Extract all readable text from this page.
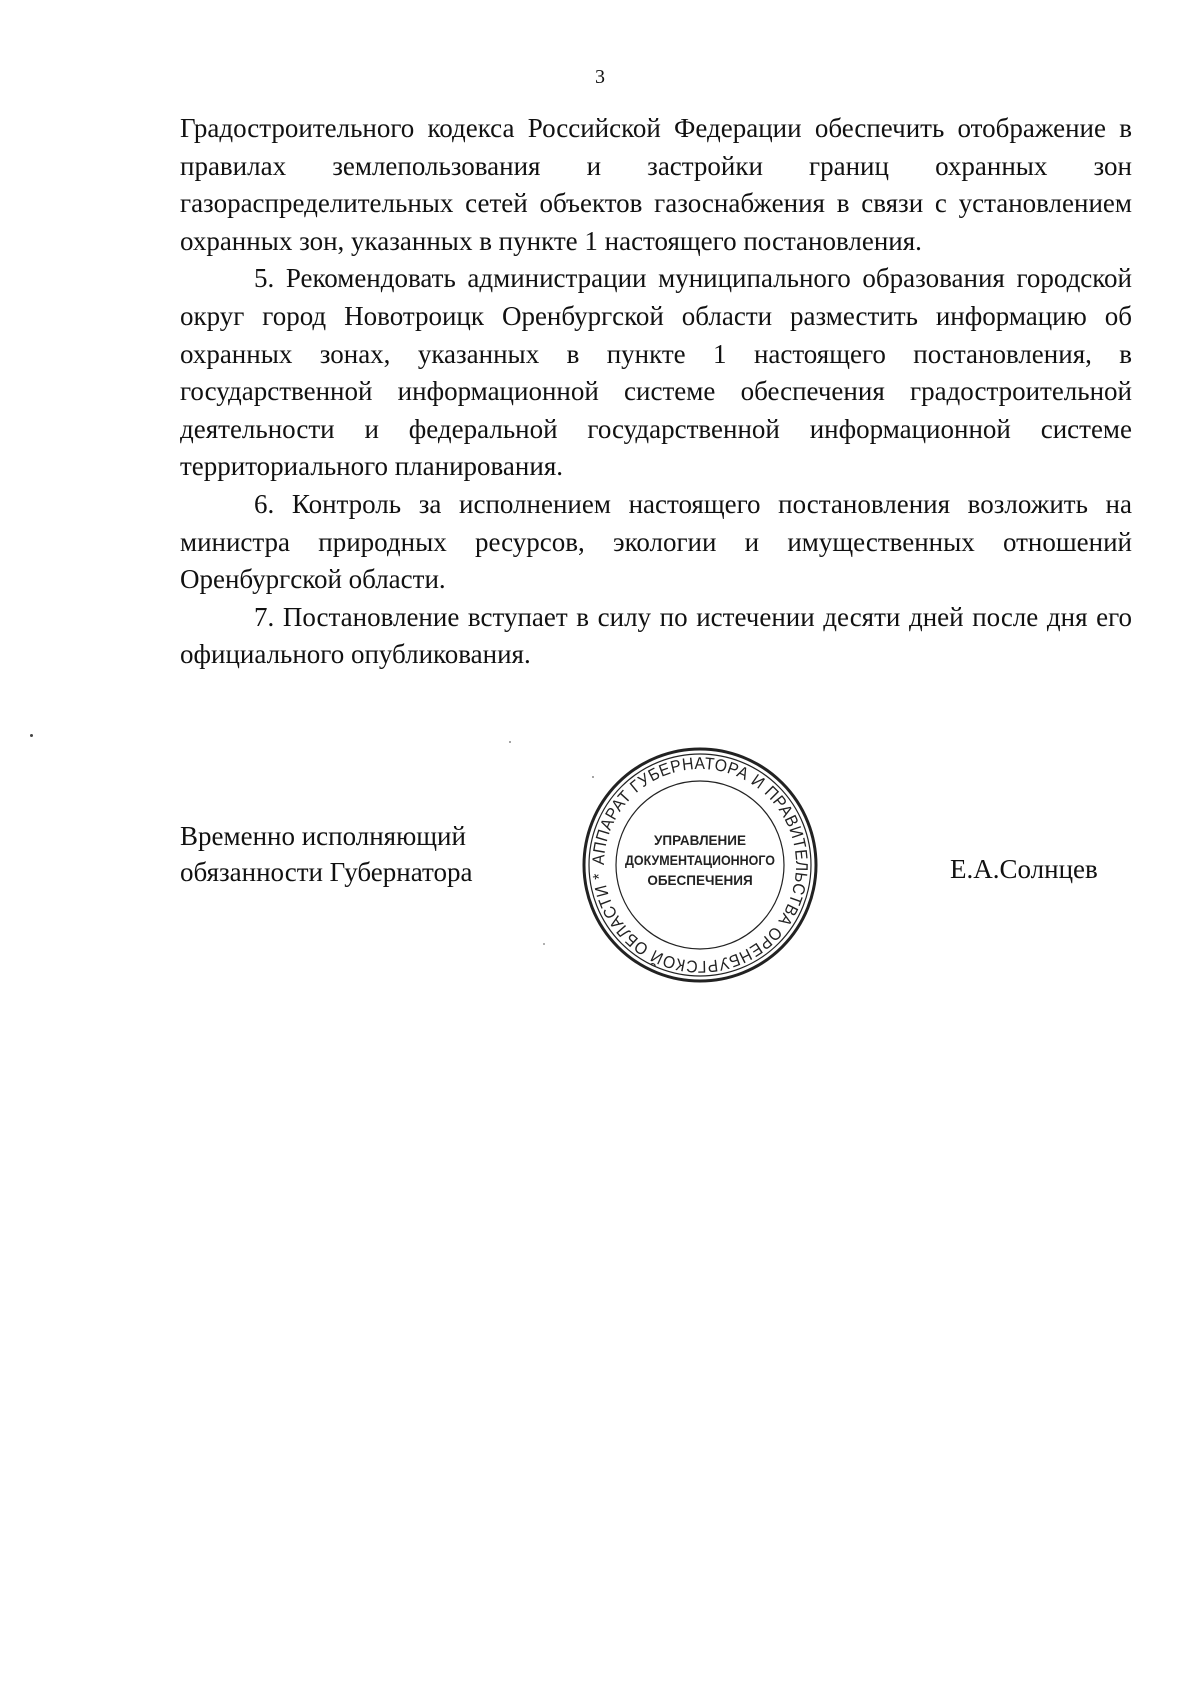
3

Градостроительного кодекса Российской Федерации обеспечить отображение в правилах землепользования и застройки границ охранных зон газораспределительных сетей объектов газоснабжения в связи с установлением охранных зон, указанных в пункте 1 настоящего постановления.

5. Рекомендовать администрации муниципального образования городской округ город Новотроицк Оренбургской области разместить информацию об охранных зонах, указанных в пункте 1 настоящего постановления, в государственной информационной системе обеспечения градостроительной деятельности и федеральной государственной информационной системе территориального планирования.

6. Контроль за исполнением настоящего постановления возложить на министра природных ресурсов, экологии и имущественных отношений Оренбургской области.

7. Постановление вступает в силу по истечении десяти дней после дня его официального опубликования.

Временно исполняющий
обязанности Губернатора	Е.А.Солнцев
АППАРАТ ГУБЕРНАТОРА И ПРАВИТЕЛЬСТВА ОРЕНБУРГСКОЙ ОБЛАСТИ *
УПРАВЛЕНИЕ
ДОКУМЕНТАЦИОННОГО
ОБЕСПЕЧЕНИЯ
